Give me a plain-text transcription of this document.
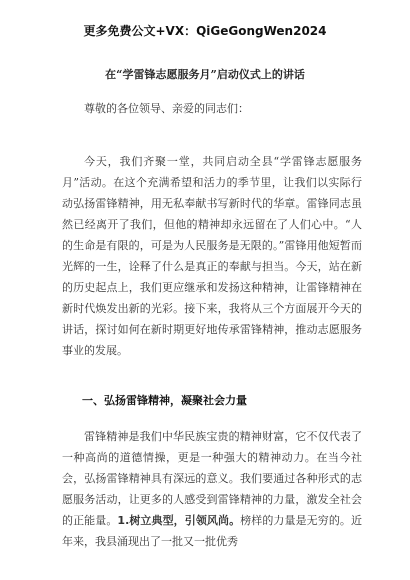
更多免费公文+VX：QiGeGongWen2024
在“学雷锋志愿服务月”启动仪式上的讲话
尊敬的各位领导、亲爱的同志们：
今天，我们齐聚一堂，共同启动全县“学雷锋志愿服务月”活动。在这个充满希望和活力的季节里，让我们以实际行动弘扬雷锋精神，用无私奉献书写新时代的华章。雷锋同志虽然已经离开了我们，但他的精神却永远留在了人们心中。“人的生命是有限的，可是为人民服务是无限的。”雷锋用他短暂而光辉的一生，诠释了什么是真正的奉献与担当。今天，站在新的历史起点上，我们更应继承和发扬这种精神，让雷锋精神在新时代焕发出新的光彩。接下来，我将从三个方面展开今天的讲话，探讨如何在新时期更好地传承雷锋精神，推动志愿服务事业的发展。
一、弘扬雷锋精神，凝聚社会力量
雷锋精神是我们中华民族宝贵的精神财富，它不仅代表了一种高尚的道德情操，更是一种强大的精神动力。在当今社会，弘扬雷锋精神具有深远的意义。我们要通过各种形式的志愿服务活动，让更多的人感受到雷锋精神的力量，激发全社会的正能量。1.树立典型，引领风尚。榜样的力量是无穷的。近年来，我县涌现出了一批又一批优秀
